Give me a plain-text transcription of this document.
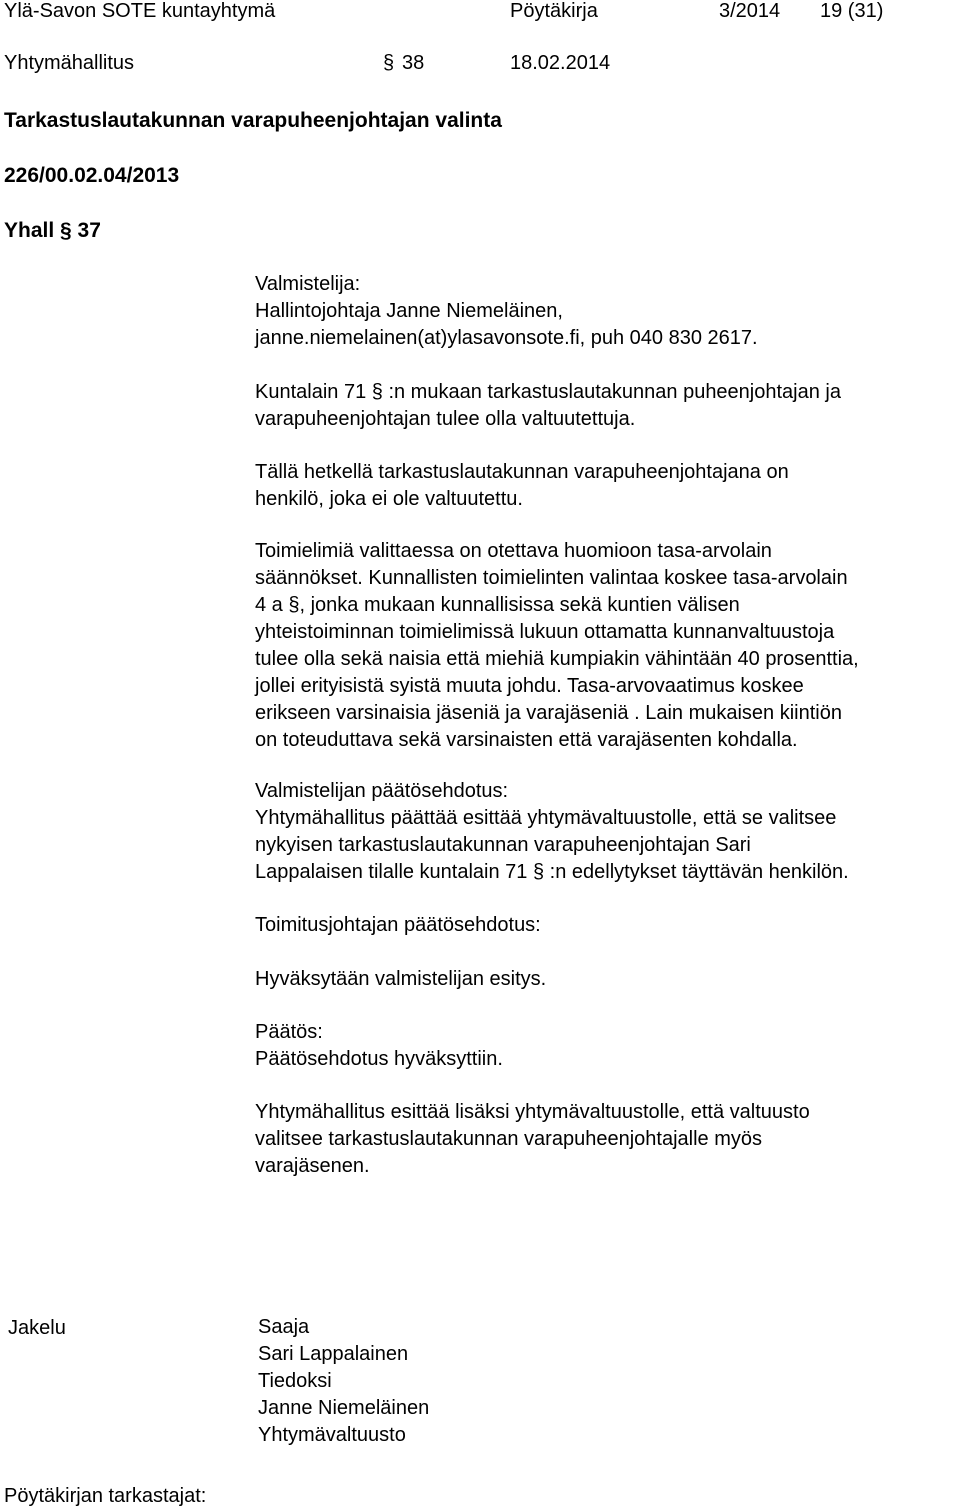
Ylä-Savon SOTE kuntayhtymä	Pöytäkirja	3/2014 19 (31)
Yhtymähallitus	§ 38	18.02.2014
Tarkastuslautakunnan varapuheenjohtajan valinta
226/00.02.04/2013
Yhall § 37
Valmistelija:
Hallintojohtaja Janne Niemeläinen,
janne.niemelainen(at)ylasavonsote.fi, puh 040 830 2617.
Kuntalain 71 § :n mukaan tarkastuslautakunnan puheenjohtajan ja
varapuheenjohtajan tulee olla valtuutettuja.
Tällä hetkellä tarkastuslautakunnan varapuheenjohtajana on
henkilö, joka ei ole valtuutettu.
Toimielimiä valittaessa on otettava huomioon tasa-arvolain
säännökset. Kunnallisten toimielinten valintaa koskee tasa-arvolain
4 a §, jonka mukaan kunnallisissa sekä kuntien välisen
yhteistoiminnan toimielimissä lukuun ottamatta kunnanvaltuustoja
tulee olla sekä naisia että miehiä kumpiakin vähintään 40 prosenttia,
jollei erityisistä syistä muuta johdu. Tasa-arvovaatimus koskee
erikseen varsinaisia jäseniä ja varajäseniä . Lain mukaisen kiintiön
on toteuduttava sekä varsinaisten että varajäsenten kohdalla.
Valmistelijan päätösehdotus:
Yhtymähallitus päättää esittää yhtymävaltuustolle, että se valitsee
nykyisen tarkastuslautakunnan varapuheenjohtajan Sari
Lappalaisen tilalle kuntalain 71 § :n edellytykset täyttävän henkilön.
Toimitusjohtajan päätösehdotus:
Hyväksytään valmistelijan esitys.
Päätös:
Päätösehdotus hyväksyttiin.
Yhtymähallitus esittää lisäksi yhtymävaltuustolle, että valtuusto
valitsee tarkastuslautakunnan varapuheenjohtajalle myös
varajäsenen.
Jakelu	Saaja
Sari Lappalainen
Tiedoksi
Janne Niemeläinen
Yhtymävaltuusto
Pöytäkirjan tarkastajat:
